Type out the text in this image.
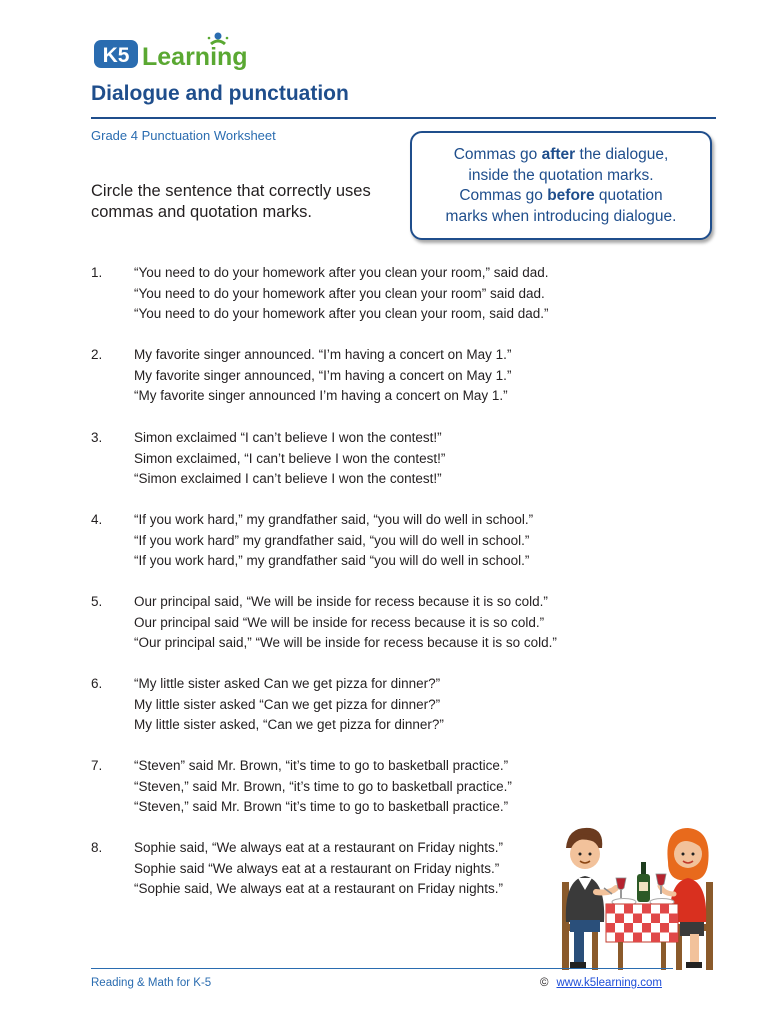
K5 Learning
Dialogue and punctuation
Grade 4 Punctuation Worksheet
Circle the sentence that correctly uses commas and quotation marks.
Commas go after the dialogue,
inside the quotation marks.
Commas go before quotation
marks when introducing dialogue.
1. “You need to do your homework after you clean your room,” said dad.
“You need to do your homework after you clean your room” said dad.
“You need to do your homework after you clean your room, said dad.”
2. My favorite singer announced. “I’m having a concert on May 1.”
My favorite singer announced, “I’m having a concert on May 1.”
“My favorite singer announced I’m having a concert on May 1.”
3. Simon exclaimed “I can’t believe I won the contest!”
Simon exclaimed, “I can’t believe I won the contest!”
“Simon exclaimed I can’t believe I won the contest!”
4. “If you work hard,” my grandfather said, “you will do well in school.”
“If you work hard” my grandfather said, “you will do well in school.”
“If you work hard,” my grandfather said “you will do well in school.”
5. Our principal said, “We will be inside for recess because it is so cold.”
Our principal said “We will be inside for recess because it is so cold.”
“Our principal said,” “We will be inside for recess because it is so cold.”
6. “My little sister asked Can we get pizza for dinner?”
My little sister asked “Can we get pizza for dinner?”
My little sister asked, “Can we get pizza for dinner?”
7. “Steven” said Mr. Brown, “it’s time to go to basketball practice.”
“Steven,” said Mr. Brown, “it’s time to go to basketball practice.”
“Steven,” said Mr. Brown “it’s time to go to basketball practice.”
8. Sophie said, “We always eat at a restaurant on Friday nights.”
Sophie said “We always eat at a restaurant on Friday nights.”
“Sophie said, We always eat at a restaurant on Friday nights.”
Reading & Math for K-5	© www.k5learning.com
